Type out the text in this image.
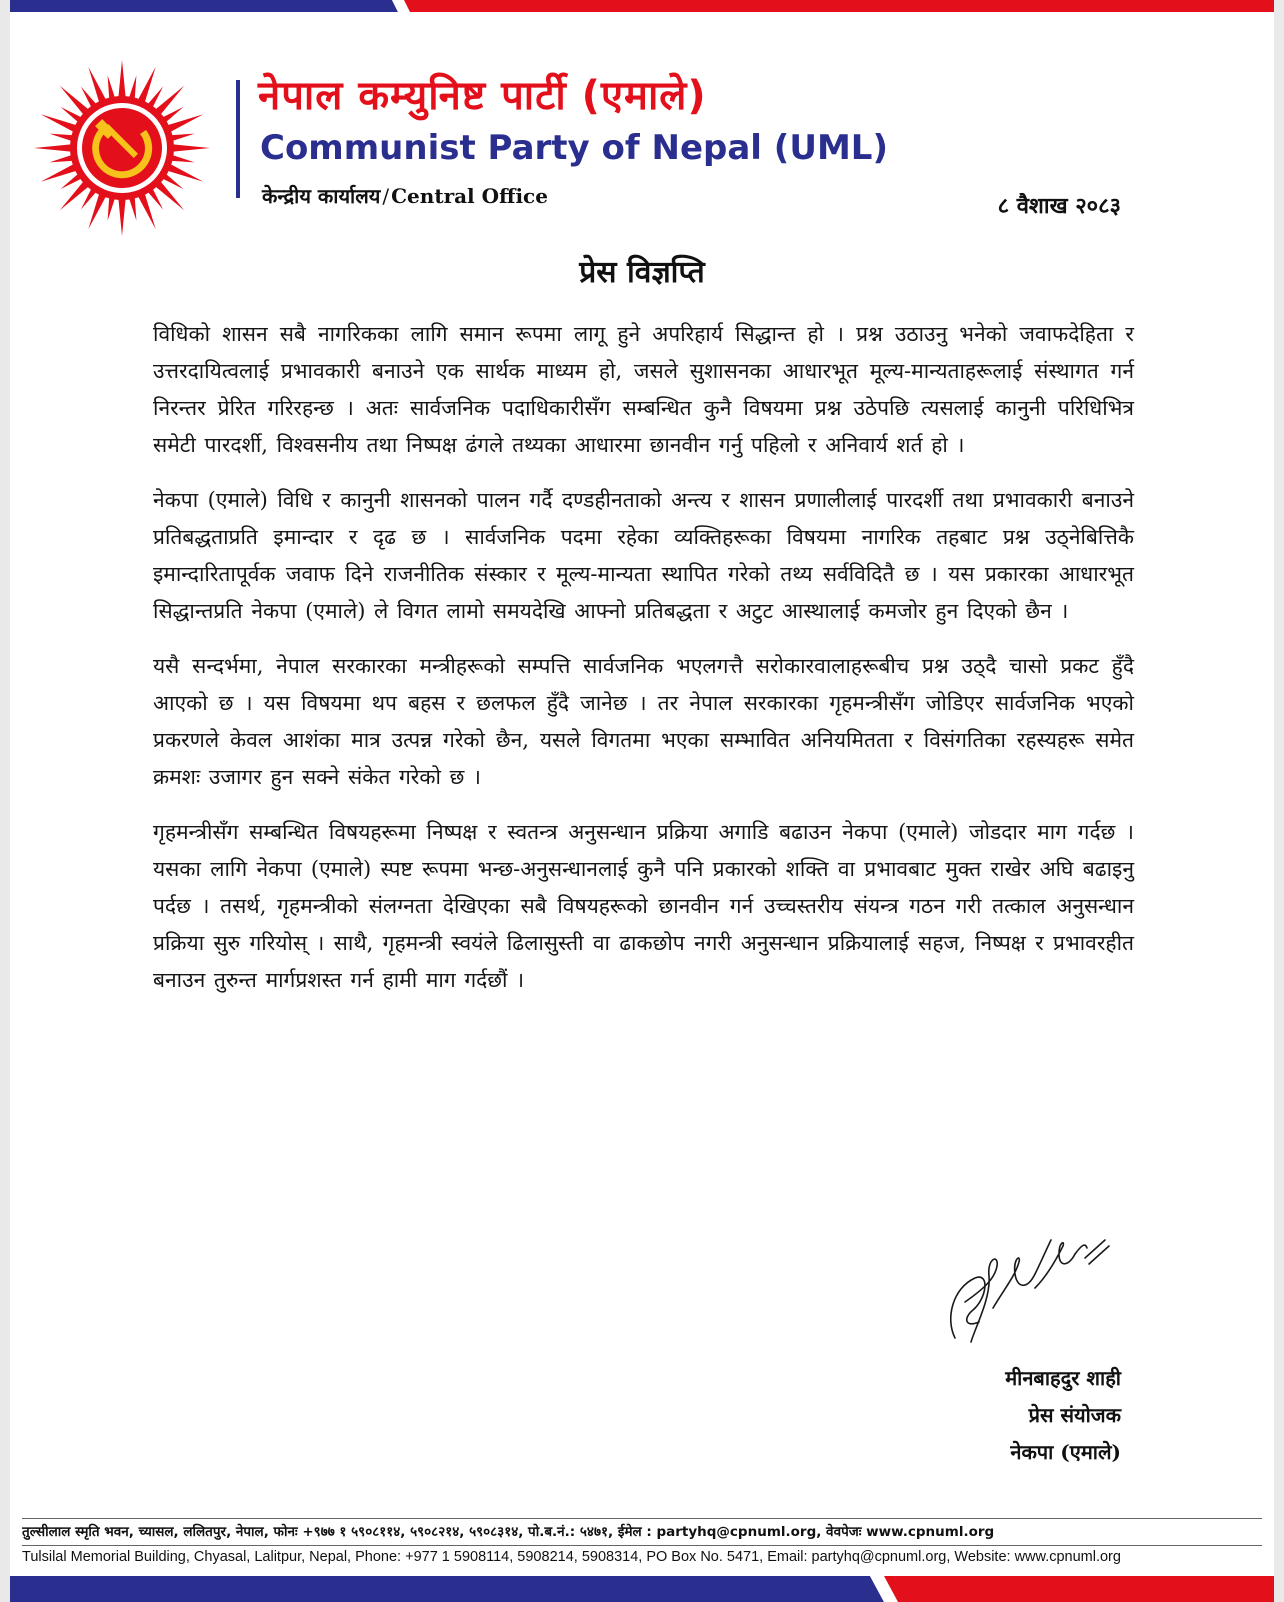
नेपाल कम्युनिष्ट पार्टी (एमाले)
Communist Party of Nepal (UML)
केन्द्रीय कार्यालय / Central Office	८ वैशाख २०८३
प्रेस विज्ञप्ति

विधिको शासन सबै नागरिकका लागि समान रूपमा लागू हुने अपरिहार्य सिद्धान्त हो । प्रश्न उठाउनु भनेको जवाफदेहिता र उत्तरदायित्वलाई प्रभावकारी बनाउने एक सार्थक माध्यम हो, जसले सुशासनका आधारभूत मूल्य-मान्यताहरूलाई संस्थागत गर्न निरन्तर प्रेरित गरिरहन्छ । अतः सार्वजनिक पदाधिकारीसँग सम्बन्धित कुनै विषयमा प्रश्न उठेपछि त्यसलाई कानुनी परिधिभित्र समेटी पारदर्शी, विश्वसनीय तथा निष्पक्ष ढंगले तथ्यका आधारमा छानवीन गर्नु पहिलो र अनिवार्य शर्त हो ।

नेकपा (एमाले) विधि र कानुनी शासनको पालन गर्दै दण्डहीनताको अन्त्य र शासन प्रणालीलाई पारदर्शी तथा प्रभावकारी बनाउने प्रतिबद्धताप्रति इमान्दार र दृढ छ । सार्वजनिक पदमा रहेका व्यक्तिहरूका विषयमा नागरिक तहबाट प्रश्न उठ्नेबित्तिकै इमान्दारितापूर्वक जवाफ दिने राजनीतिक संस्कार र मूल्य-मान्यता स्थापित गरेको तथ्य सर्वविदितै छ । यस प्रकारका आधारभूत सिद्धान्तप्रति नेकपा (एमाले) ले विगत लामो समयदेखि आफ्नो प्रतिबद्धता र अटुट आस्थालाई कमजोर हुन दिएको छैन ।

यसै सन्दर्भमा, नेपाल सरकारका मन्त्रीहरूको सम्पत्ति सार्वजनिक भएलगत्तै सरोकारवालाहरूबीच प्रश्न उठ्दै चासो प्रकट हुँदै आएको छ । यस विषयमा थप बहस र छलफल हुँदै जानेछ । तर नेपाल सरकारका गृहमन्त्रीसँग जोडिएर सार्वजनिक भएको प्रकरणले केवल आशंका मात्र उत्पन्न गरेको छैन, यसले विगतमा भएका सम्भावित अनियमितता र विसंगतिका रहस्यहरू समेत क्रमशः उजागर हुन सक्ने संकेत गरेको छ ।

गृहमन्त्रीसँग सम्बन्धित विषयहरूमा निष्पक्ष र स्वतन्त्र अनुसन्धान प्रक्रिया अगाडि बढाउन नेकपा (एमाले) जोडदार माग गर्दछ । यसका लागि नेकपा (एमाले) स्पष्ट रूपमा भन्छ-अनुसन्धानलाई कुनै पनि प्रकारको शक्ति वा प्रभावबाट मुक्त राखेर अघि बढाइनु पर्दछ । तसर्थ, गृहमन्त्रीको संलग्नता देखिएका सबै विषयहरूको छानवीन गर्न उच्चस्तरीय संयन्त्र गठन गरी तत्काल अनुसन्धान प्रक्रिया सुरु गरियोस् । साथै, गृहमन्त्री स्वयंले ढिलासुस्ती वा ढाकछोप नगरी अनुसन्धान प्रक्रियालाई सहज, निष्पक्ष र प्रभावरहीत बनाउन तुरुन्त मार्गप्रशस्त गर्न हामी माग गर्दछौं ।

मीनबाहदुर शाही
प्रेस संयोजक
नेकपा (एमाले)
तुल्सीलाल स्मृति भवन, च्यासल, ललितपुर, नेपाल, फोनः +९७७ १ ५९०८११४, ५९०८२१४, ५९०८३१४, पो.ब.नं.: ५४७१, ईमेल : partyhq@cpnuml.org, वेवपेजः www.cpnuml.org
Tulsilal Memorial Building, Chyasal, Lalitpur, Nepal, Phone: +977 1 5908114, 5908214, 5908314, PO Box No. 5471, Email: partyhq@cpnuml.org, Website: www.cpnuml.org
